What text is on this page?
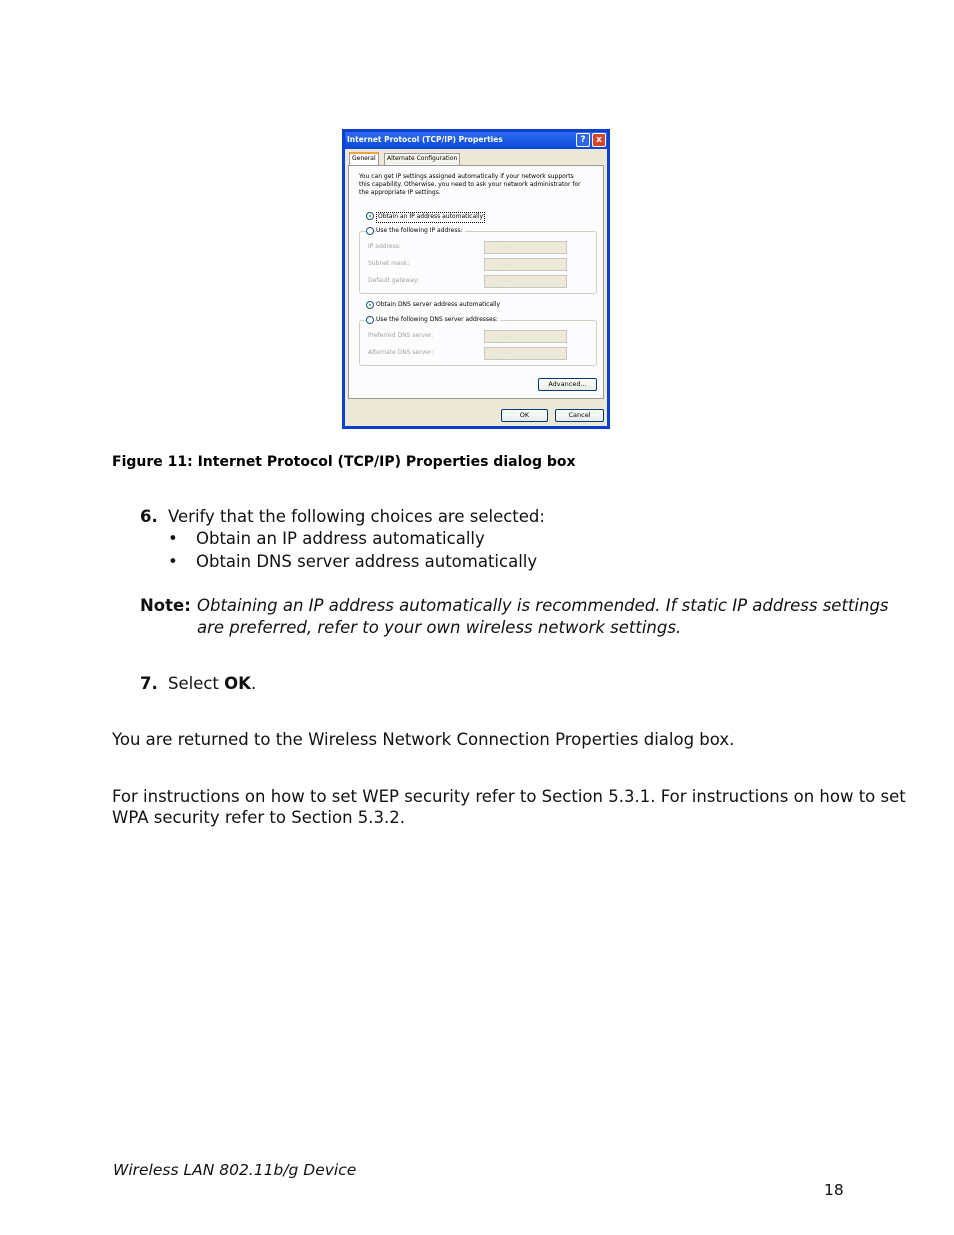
Internet Protocol (TCP/IP) Properties	?	x
General	Alternate Configuration
You can get IP settings assigned automatically if your network supports
this capability. Otherwise, you need to ask your network administrator for
the appropriate IP settings.
Obtain an IP address automatically
Use the following IP address:
IP address:	. . .
Subnet mask:	. . .
Default gateway:	. . .
Obtain DNS server address automatically
Use the following DNS server addresses:
Preferred DNS server:	. . .
Alternate DNS server:	. . .
Advanced...
OK	Cancel
Figure 11: Internet Protocol (TCP/IP) Properties dialog box
6. Verify that the following choices are selected:
• Obtain an IP address automatically
• Obtain DNS server address automatically
Note: Obtaining an IP address automatically is recommended. If static IP address settings
are preferred, refer to your own wireless network settings.
7. Select OK.
You are returned to the Wireless Network Connection Properties dialog box.
For instructions on how to set WEP security refer to Section 5.3.1. For instructions on how to set
WPA security refer to Section 5.3.2.
Wireless LAN 802.11b/g Device
18
